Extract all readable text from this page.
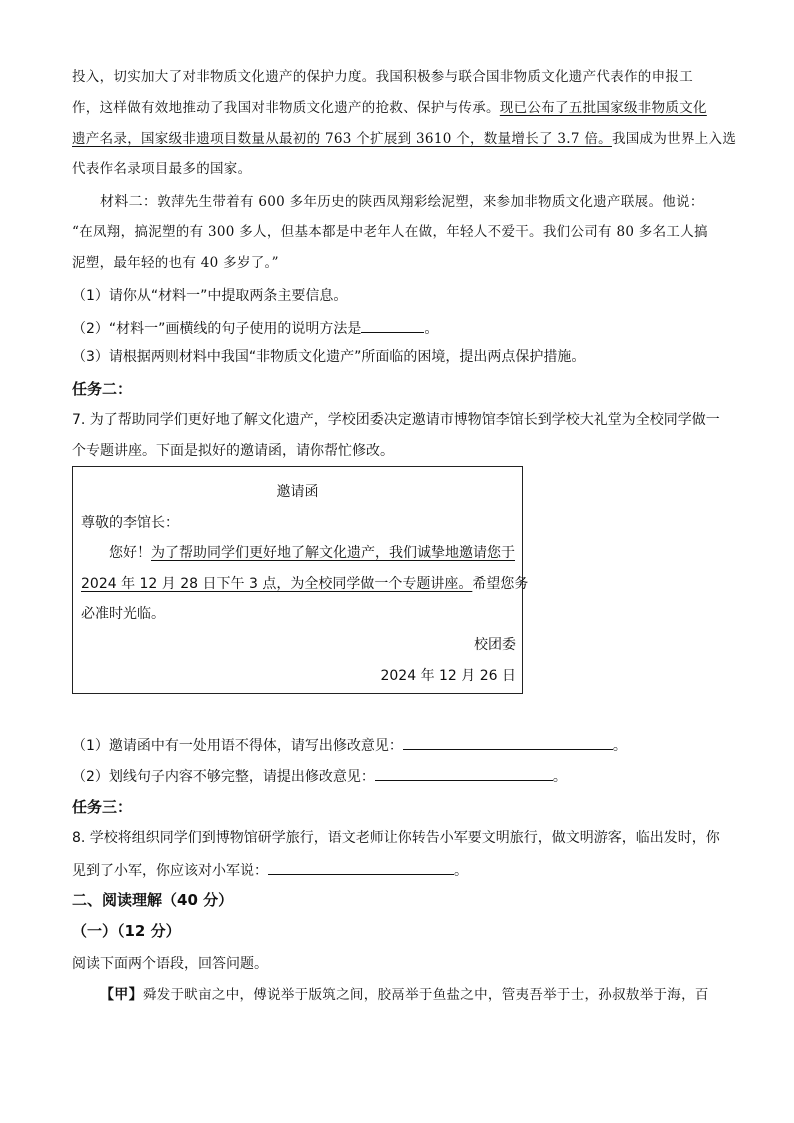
投入，切实加大了对非物质文化遗产的保护力度。我国积极参与联合国非物质文化遗产代表作的申报工
作，这样做有效地推动了我国对非物质文化遗产的抢救、保护与传承。现已公布了五批国家级非物质文化
遗产名录，国家级非遗项目数量从最初的 763 个扩展到 3610 个，数量增长了 3.7 倍。我国成为世界上入选
代表作名录项目最多的国家。
材料二：敦萍先生带着有 600 多年历史的陕西凤翔彩绘泥塑，来参加非物质文化遗产联展。他说：
“在凤翔，搞泥塑的有 300 多人，但基本都是中老年人在做，年轻人不爱干。我们公司有 80 多名工人搞
泥塑，最年轻的也有 40 多岁了。”
（1）请你从“材料一”中提取两条主要信息。
（2）“材料一”画横线的句子使用的说明方法是	。
（3）请根据两则材料中我国“非物质文化遗产”所面临的困境，提出两点保护措施。
任务二：
7. 为了帮助同学们更好地了解文化遗产，学校团委决定邀请市博物馆李馆长到学校大礼堂为全校同学做一
个专题讲座。下面是拟好的邀请函，请你帮忙修改。
邀请函
尊敬的李馆长：
您好！为了帮助同学们更好地了解文化遗产，我们诚挚地邀请您于
2024 年 12 月 28 日下午 3 点，为全校同学做一个专题讲座。希望您务
必准时光临。
校团委
2024 年 12 月 26 日
（1）邀请函中有一处用语不得体，请写出修改意见：	。
（2）划线句子内容不够完整，请提出修改意见：	。
任务三：
8. 学校将组织同学们到博物馆研学旅行，语文老师让你转告小军要文明旅行，做文明游客，临出发时，你
见到了小军，你应该对小军说：	。
二、阅读理解（40 分）
（一）（12 分）
阅读下面两个语段，回答问题。
【甲】舜发于畎亩之中，傅说举于版筑之间，胶鬲举于鱼盐之中，管夷吾举于士，孙叔敖举于海，百
